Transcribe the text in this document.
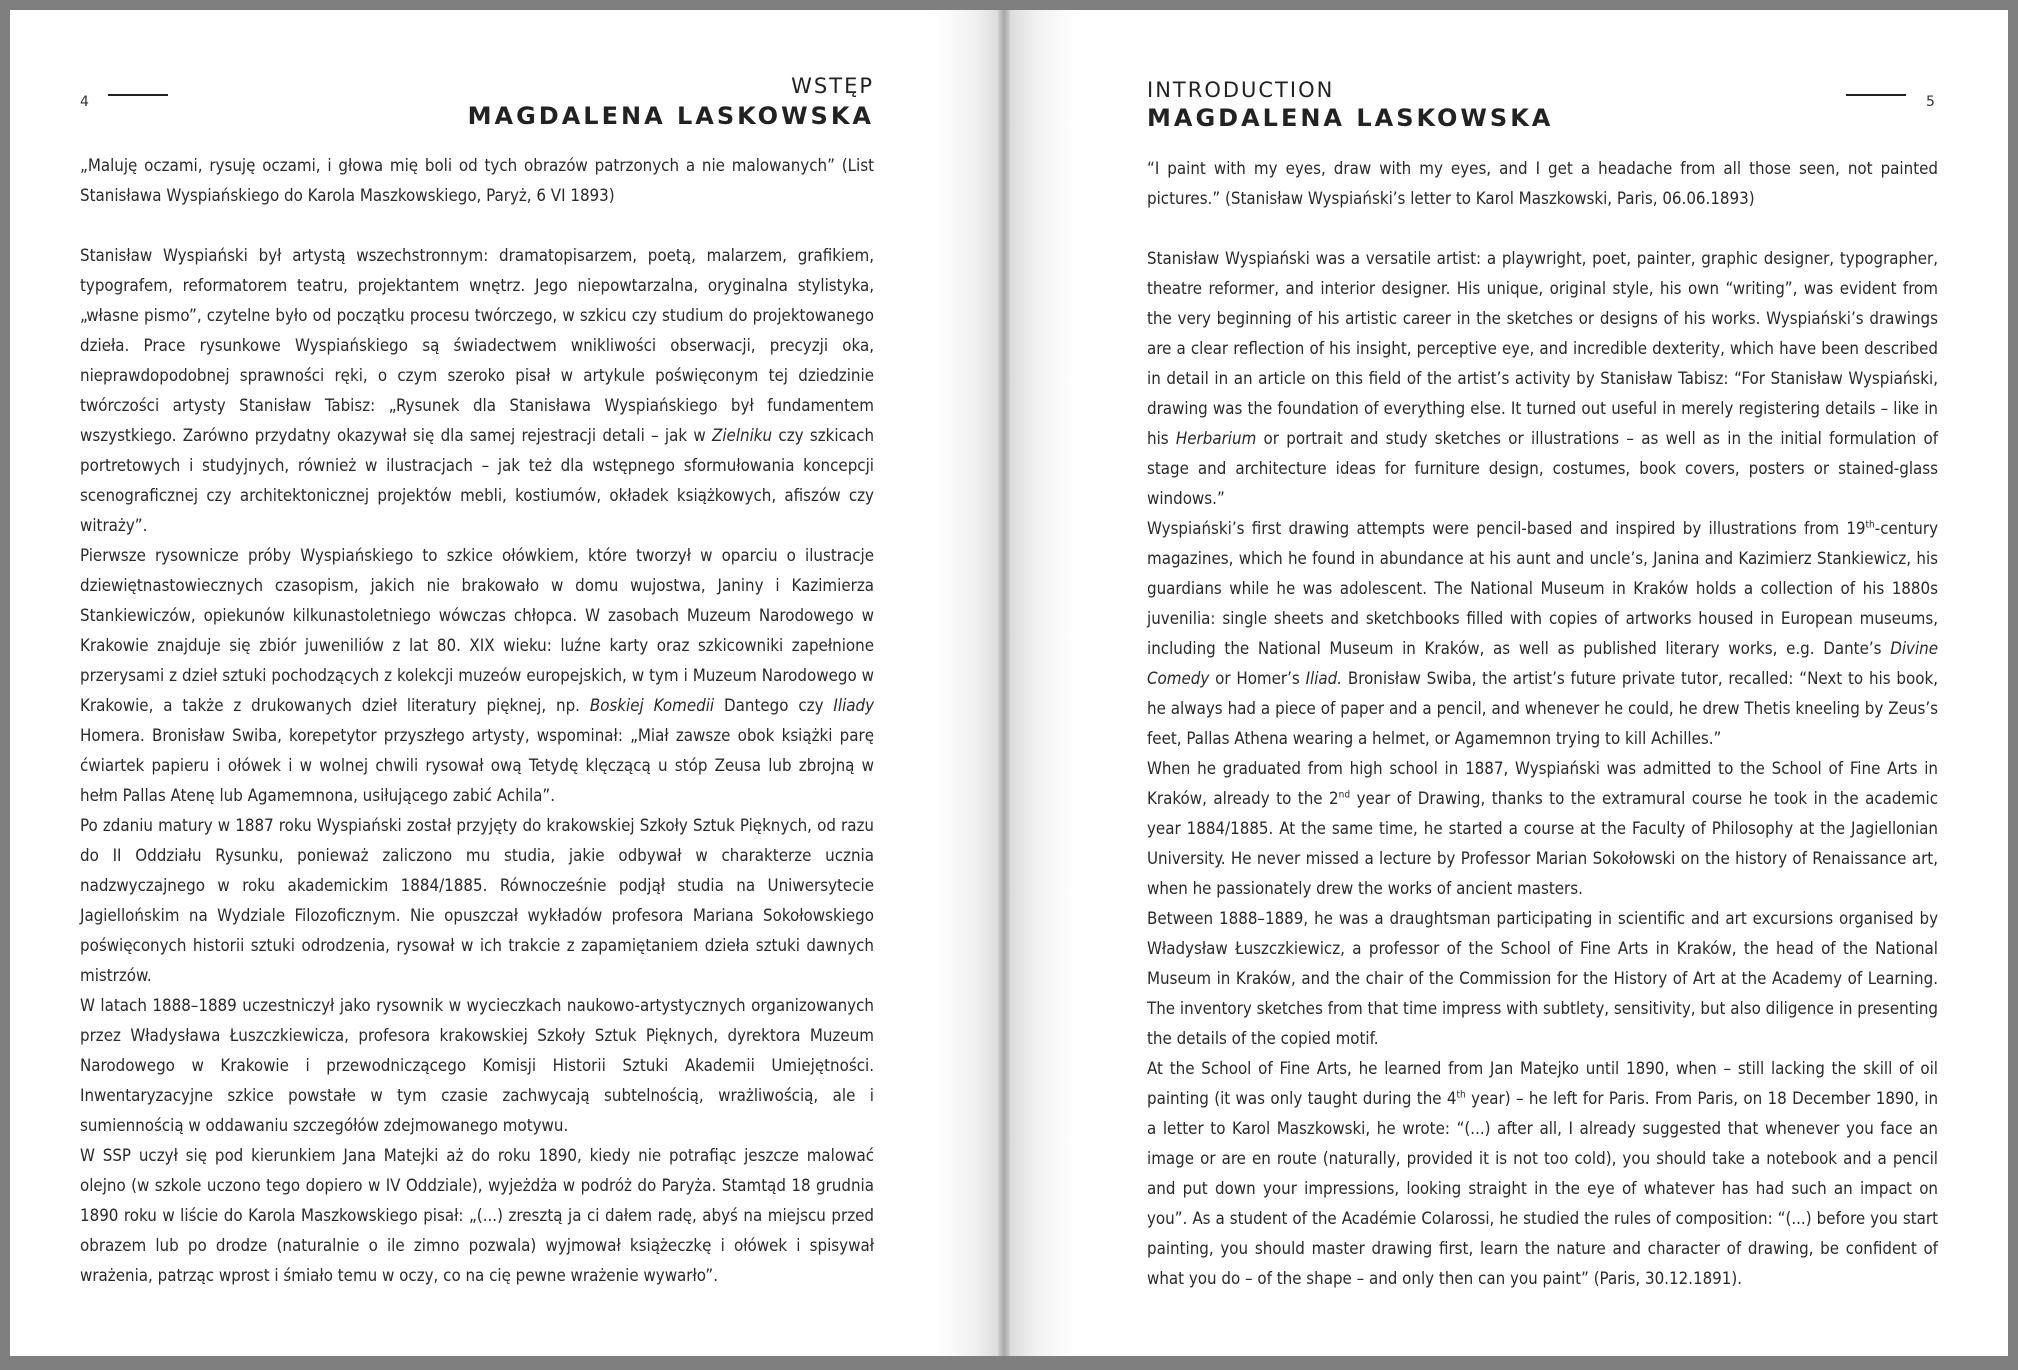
4
WSTĘP
MAGDALENA LASKOWSKA

„Maluję oczami, rysuję oczami, i głowa mię boli od tych obrazów patrzonych a nie malowanych” (List Stanisława Wyspiańskiego do Karola Maszkowskiego, Paryż, 6 VI 1893)

Stanisław Wyspiański był artystą wszechstronnym: dramatopisarzem, poetą, malarzem, grafikiem, typografem, reformatorem teatru, projektantem wnętrz. Jego niepowtarzalna, oryginalna stylistyka, „własne pismo”, czytelne było od początku procesu twórczego, w szkicu czy studium do projektowanego dzieła. Prace rysunkowe Wyspiańskiego są świadectwem wnikliwości obserwacji, precyzji oka, nieprawdopodobnej sprawności ręki, o czym szeroko pisał w artykule poświęconym tej dziedzinie twórczości artysty Stanisław Tabisz: „Rysunek dla Stanisława Wyspiańskiego był fundamentem wszystkiego. Zarówno przydatny okazywał się dla samej rejestracji detali – jak w Zielniku czy szkicach portretowych i studyjnych, również w ilustracjach – jak też dla wstępnego sformułowania koncepcji scenograficznej czy architektonicznej projektów mebli, kostiumów, okładek książkowych, afiszów czy witraży”.

Pierwsze rysownicze próby Wyspiańskiego to szkice ołówkiem, które tworzył w oparciu o ilustracje dziewiętnastowiecznych czasopism, jakich nie brakowało w domu wujostwa, Janiny i Kazimierza Stankiewiczów, opiekunów kilkunastoletniego wówczas chłopca. W zasobach Muzeum Narodowego w Krakowie znajduje się zbiór juweniliów z lat 80. XIX wieku: luźne karty oraz szkicowniki zapełnione przerysami z dzieł sztuki pochodzących z kolekcji muzeów europejskich, w tym i Muzeum Narodowego w Krakowie, a także z drukowanych dzieł literatury pięknej, np. Boskiej Komedii Dantego czy Iliady Homera. Bronisław Swiba, korepetytor przyszłego artysty, wspominał: „Miał zawsze obok książki parę ćwiartek papieru i ołówek i w wolnej chwili rysował ową Tetydę klęczącą u stóp Zeusa lub zbrojną w hełm Pallas Atenę lub Agamemnona, usiłującego zabić Achila”.

Po zdaniu matury w 1887 roku Wyspiański został przyjęty do krakowskiej Szkoły Sztuk Pięknych, od razu do II Oddziału Rysunku, ponieważ zaliczono mu studia, jakie odbywał w charakterze ucznia nadzwyczajnego w roku akademickim 1884/1885. Równocześnie podjął studia na Uniwersytecie Jagiellońskim na Wydziale Filozoficznym. Nie opuszczał wykładów profesora Mariana Sokołowskiego poświęconych historii sztuki odrodzenia, rysował w ich trakcie z zapamiętaniem dzieła sztuki dawnych mistrzów.

W latach 1888–1889 uczestniczył jako rysownik w wycieczkach naukowo-artystycznych organizowanych przez Władysława Łuszczkiewicza, profesora krakowskiej Szkoły Sztuk Pięknych, dyrektora Muzeum Narodowego w Krakowie i przewodniczącego Komisji Historii Sztuki Akademii Umiejętności. Inwentaryzacyjne szkice powstałe w tym czasie zachwycają subtelnością, wrażliwością, ale i sumiennością w oddawaniu szczegółów zdejmowanego motywu.

W SSP uczył się pod kierunkiem Jana Matejki aż do roku 1890, kiedy nie potrafiąc jeszcze malować olejno (w szkole uczono tego dopiero w IV Oddziale), wyjeżdża w podróż do Paryża. Stamtąd 18 grudnia 1890 roku w liście do Karola Maszkowskiego pisał: „(...) zresztą ja ci dałem radę, abyś na miejscu przed obrazem lub po drodze (naturalnie o ile zimno pozwala) wyjmował książeczkę i ołówek i spisywał wrażenia, patrząc wprost i śmiało temu w oczy, co na cię pewne wrażenie wywarło”.

5
INTRODUCTION
MAGDALENA LASKOWSKA

“I paint with my eyes, draw with my eyes, and I get a headache from all those seen, not painted pictures.” (Stanisław Wyspiański’s letter to Karol Maszkowski, Paris, 06.06.1893)

Stanisław Wyspiański was a versatile artist: a playwright, poet, painter, graphic designer, typographer, theatre reformer, and interior designer. His unique, original style, his own “writing”, was evident from the very beginning of his artistic career in the sketches or designs of his works. Wyspiański’s drawings are a clear reflection of his insight, perceptive eye, and incredible dexterity, which have been described in detail in an article on this field of the artist’s activity by Stanisław Tabisz: “For Stanisław Wyspiański, drawing was the foundation of everything else. It turned out useful in merely registering details – like in his Herbarium or portrait and study sketches or illustrations – as well as in the initial formulation of stage and architecture ideas for furniture design, costumes, book covers, posters or stained-glass windows.”

Wyspiański’s first drawing attempts were pencil-based and inspired by illustrations from 19th-century magazines, which he found in abundance at his aunt and uncle’s, Janina and Kazimierz Stankiewicz, his guardians while he was adolescent. The National Museum in Kraków holds a collection of his 1880s juvenilia: single sheets and sketchbooks filled with copies of artworks housed in European museums, including the National Museum in Kraków, as well as published literary works, e.g. Dante’s Divine Comedy or Homer’s Iliad. Bronisław Swiba, the artist’s future private tutor, recalled: “Next to his book, he always had a piece of paper and a pencil, and whenever he could, he drew Thetis kneeling by Zeus’s feet, Pallas Athena wearing a helmet, or Agamemnon trying to kill Achilles.”

When he graduated from high school in 1887, Wyspiański was admitted to the School of Fine Arts in Kraków, already to the 2nd year of Drawing, thanks to the extramural course he took in the academic year 1884/1885. At the same time, he started a course at the Faculty of Philosophy at the Jagiellonian University. He never missed a lecture by Professor Marian Sokołowski on the history of Renaissance art, when he passionately drew the works of ancient masters.

Between 1888–1889, he was a draughtsman participating in scientific and art excursions organised by Władysław Łuszczkiewicz, a professor of the School of Fine Arts in Kraków, the head of the National Museum in Kraków, and the chair of the Commission for the History of Art at the Academy of Learning. The inventory sketches from that time impress with subtlety, sensitivity, but also diligence in presenting the details of the copied motif.

At the School of Fine Arts, he learned from Jan Matejko until 1890, when – still lacking the skill of oil painting (it was only taught during the 4th year) – he left for Paris. From Paris, on 18 December 1890, in a letter to Karol Maszkowski, he wrote: “(...) after all, I already suggested that whenever you face an image or are en route (naturally, provided it is not too cold), you should take a notebook and a pencil and put down your impressions, looking straight in the eye of whatever has had such an impact on you”. As a student of the Académie Colarossi, he studied the rules of composition: “(...) before you start painting, you should master drawing first, learn the nature and character of drawing, be confident of what you do – of the shape – and only then can you paint” (Paris, 30.12.1891).
